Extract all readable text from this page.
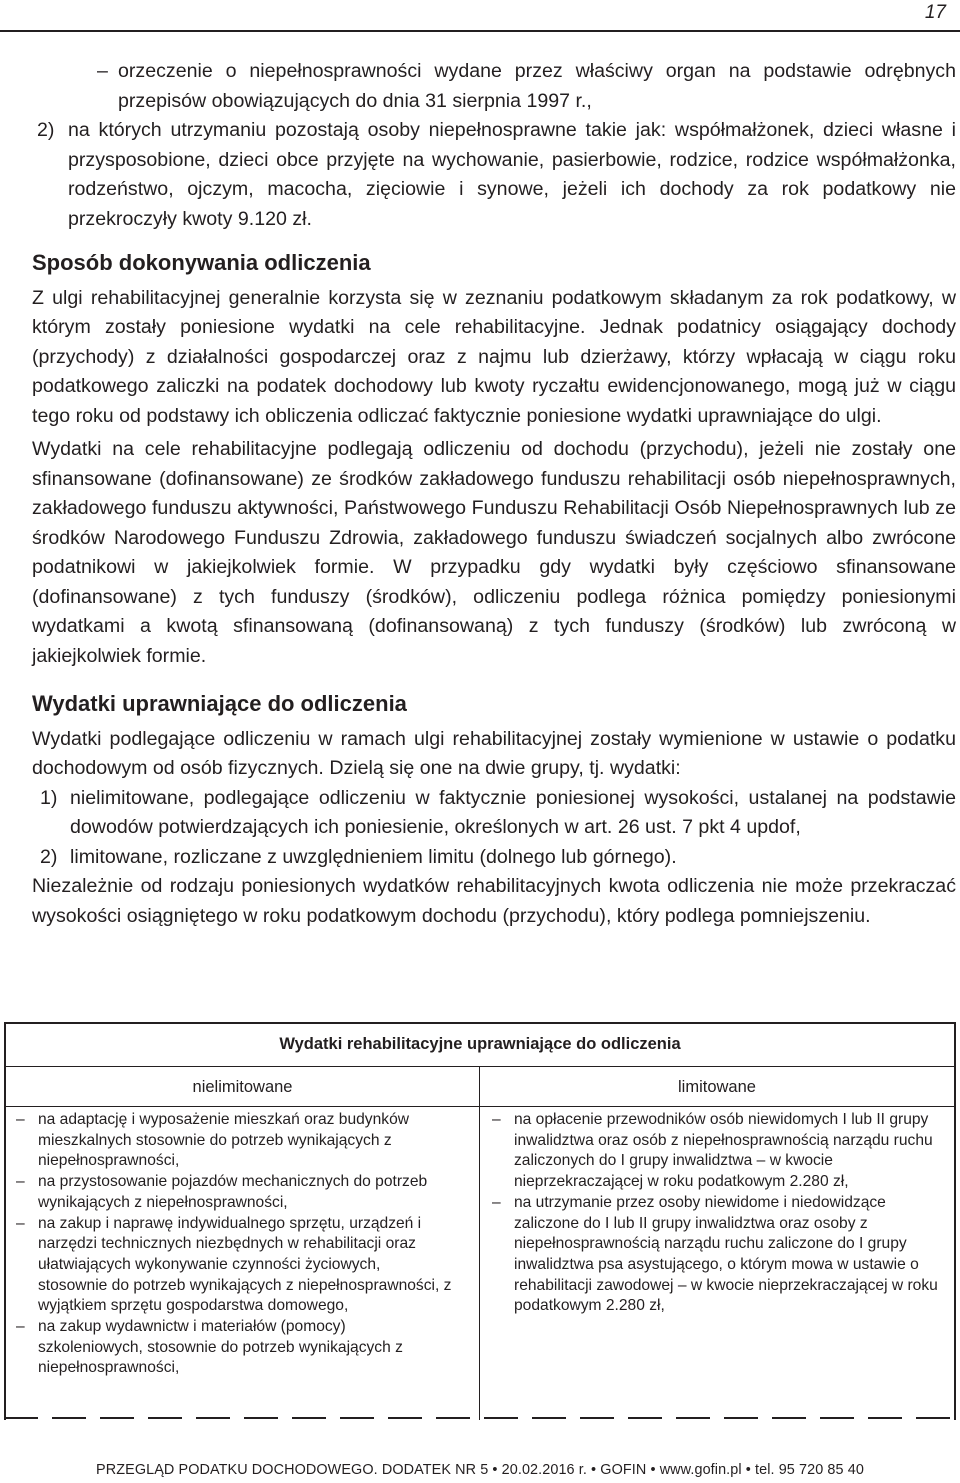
17

– orzeczenie o niepełnosprawności wydane przez właściwy organ na podstawie odrębnych przepisów obowiązujących do dnia 31 sierpnia 1997 r.,

2) na których utrzymaniu pozostają osoby niepełnosprawne takie jak: współmałżonek, dzieci własne i przysposobione, dzieci obce przyjęte na wychowanie, pasierbowie, rodzice, rodzice współmałżonka, rodzeństwo, ojczym, macocha, zięciowie i synowe, jeżeli ich dochody za rok podatkowy nie przekroczyły kwoty 9.120 zł.

Sposób dokonywania odliczenia

Z ulgi rehabilitacyjnej generalnie korzysta się w zeznaniu podatkowym składanym za rok podatkowy, w którym zostały poniesione wydatki na cele rehabilitacyjne. Jednak podatnicy osiągający dochody (przychody) z działalności gospodarczej oraz z najmu lub dzierżawy, którzy wpłacają w ciągu roku podatkowego zaliczki na podatek dochodowy lub kwoty ryczałtu ewidencjonowanego, mogą już w ciągu tego roku od podstawy ich obliczenia odliczać faktycznie poniesione wydatki uprawniające do ulgi.

Wydatki na cele rehabilitacyjne podlegają odliczeniu od dochodu (przychodu), jeżeli nie zostały one sfinansowane (dofinansowane) ze środków zakładowego funduszu rehabilitacji osób niepełnosprawnych, zakładowego funduszu aktywności, Państwowego Funduszu Rehabilitacji Osób Niepełnosprawnych lub ze środków Narodowego Funduszu Zdrowia, zakładowego funduszu świadczeń socjalnych albo zwrócone podatnikowi w jakiejkolwiek formie. W przypadku gdy wydatki były częściowo sfinansowane (dofinansowane) z tych funduszy (środków), odliczeniu podlega różnica pomiędzy poniesionymi wydatkami a kwotą sfinansowaną (dofinansowaną) z tych funduszy (środków) lub zwróconą w jakiejkolwiek formie.

Wydatki uprawniające do odliczenia

Wydatki podlegające odliczeniu w ramach ulgi rehabilitacyjnej zostały wymienione w ustawie o podatku dochodowym od osób fizycznych. Dzielą się one na dwie grupy, tj. wydatki:

1) nielimitowane, podlegające odliczeniu w faktycznie poniesionej wysokości, ustalanej na podstawie dowodów potwierdzających ich poniesienie, określonych w art. 26 ust. 7 pkt 4 updof,

2) limitowane, rozliczane z uwzględnieniem limitu (dolnego lub górnego).

Niezależnie od rodzaju poniesionych wydatków rehabilitacyjnych kwota odliczenia nie może przekraczać wysokości osiągniętego w roku podatkowym dochodu (przychodu), który podlega pomniejszeniu.

Wydatki rehabilitacyjne uprawniające do odliczenia
nielimitowane	limitowane
– na adaptację i wyposażenie mieszkań oraz budynków mieszkalnych stosownie do potrzeb wynikających z niepełnosprawności,
– na przystosowanie pojazdów mechanicznych do potrzeb wynikających z niepełnosprawności,
– na zakup i naprawę indywidualnego sprzętu, urządzeń i narzędzi technicznych niezbędnych w rehabilitacji oraz ułatwiających wykonywanie czynności życiowych, stosownie do potrzeb wynikających z niepełnosprawności, z wyjątkiem sprzętu gospodarstwa domowego,
– na zakup wydawnictw i materiałów (pomocy) szkoleniowych, stosownie do potrzeb wynikających z niepełnosprawności,
– na opłacenie przewodników osób niewidomych I lub II grupy inwalidztwa oraz osób z niepełnosprawnością narządu ruchu zaliczonych do I grupy inwalidztwa – w kwocie nieprzekraczającej w roku podatkowym 2.280 zł,
– na utrzymanie przez osoby niewidome i niedowidzące zaliczone do I lub II grupy inwalidztwa oraz osoby z niepełnosprawnością narządu ruchu zaliczone do I grupy inwalidztwa psa asystującego, o którym mowa w ustawie o rehabilitacji zawodowej – w kwocie nieprzekraczającej w roku podatkowym 2.280 zł,
PRZEGLĄD PODATKU DOCHODOWEGO. DODATEK NR 5 • 20.02.2016 r. • GOFIN • www.gofin.pl • tel. 95 720 85 40
